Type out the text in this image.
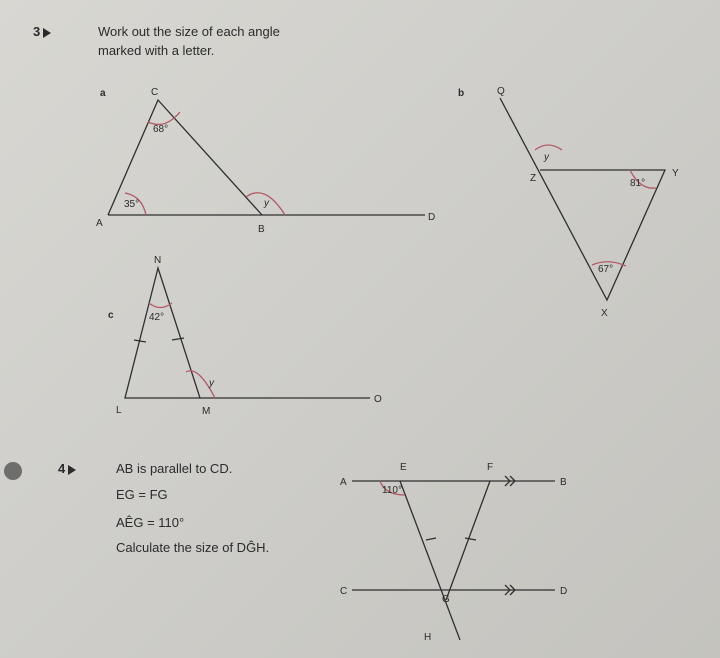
3	Work out the size of each angle
marked with a letter.
4	AB is parallel to CD.
EG = FG
AÊG = 110°
Calculate the size of DĜH.
a	C
A
B
D
68°
35°	y
b	Q
Z	Y
X
y
81°
67°
c
N
L	M
O
42°
y
A	B
C	D
E	F
G
H
110°
